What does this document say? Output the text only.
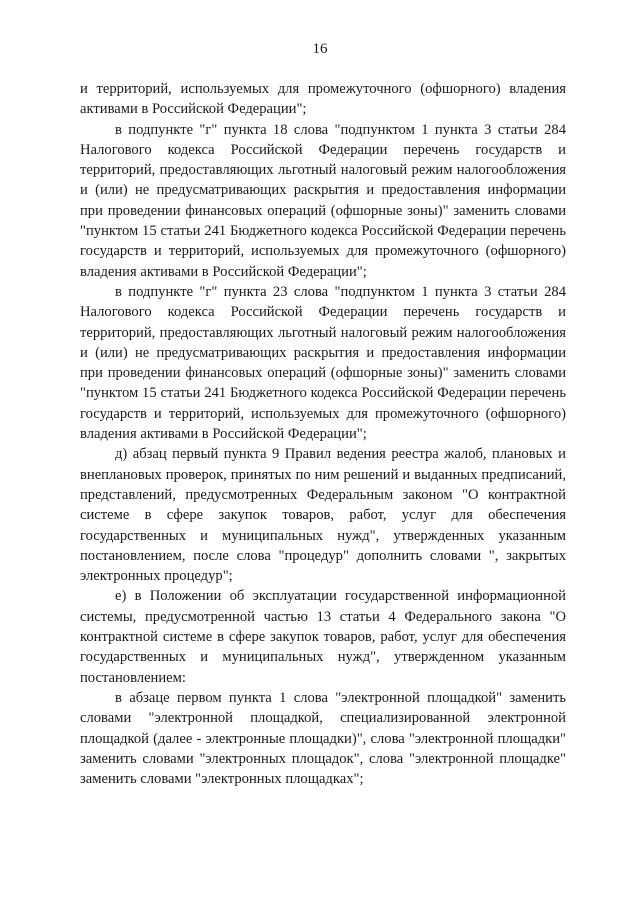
16

и территорий, используемых для промежуточного (офшорного) владения активами в Российской Федерации";

в подпункте "г" пункта 18 слова "подпунктом 1 пункта 3 статьи 284 Налогового кодекса Российской Федерации перечень государств и территорий, предоставляющих льготный налоговый режим налогообложения и (или) не предусматривающих раскрытия и предоставления информации при проведении финансовых операций (офшорные зоны)" заменить словами "пунктом 15 статьи 241 Бюджетного кодекса Российской Федерации перечень государств и территорий, используемых для промежуточного (офшорного) владения активами в Российской Федерации";

в подпункте "г" пункта 23 слова "подпунктом 1 пункта 3 статьи 284 Налогового кодекса Российской Федерации перечень государств и территорий, предоставляющих льготный налоговый режим налогообложения и (или) не предусматривающих раскрытия и предоставления информации при проведении финансовых операций (офшорные зоны)" заменить словами "пунктом 15 статьи 241 Бюджетного кодекса Российской Федерации перечень государств и территорий, используемых для промежуточного (офшорного) владения активами в Российской Федерации";

д) абзац первый пункта 9 Правил ведения реестра жалоб, плановых и внеплановых проверок, принятых по ним решений и выданных предписаний, представлений, предусмотренных Федеральным законом "О контрактной системе в сфере закупок товаров, работ, услуг для обеспечения государственных и муниципальных нужд", утвержденных указанным постановлением, после слова "процедур" дополнить словами ", закрытых электронных процедур";

е) в Положении об эксплуатации государственной информационной системы, предусмотренной частью 13 статьи 4 Федерального закона "О контрактной системе в сфере закупок товаров, работ, услуг для обеспечения государственных и муниципальных нужд", утвержденном указанным постановлением:

в абзаце первом пункта 1 слова "электронной площадкой" заменить словами "электронной площадкой, специализированной электронной площадкой (далее - электронные площадки)", слова "электронной площадки" заменить словами "электронных площадок", слова "электронной площадке" заменить словами "электронных площадках";
